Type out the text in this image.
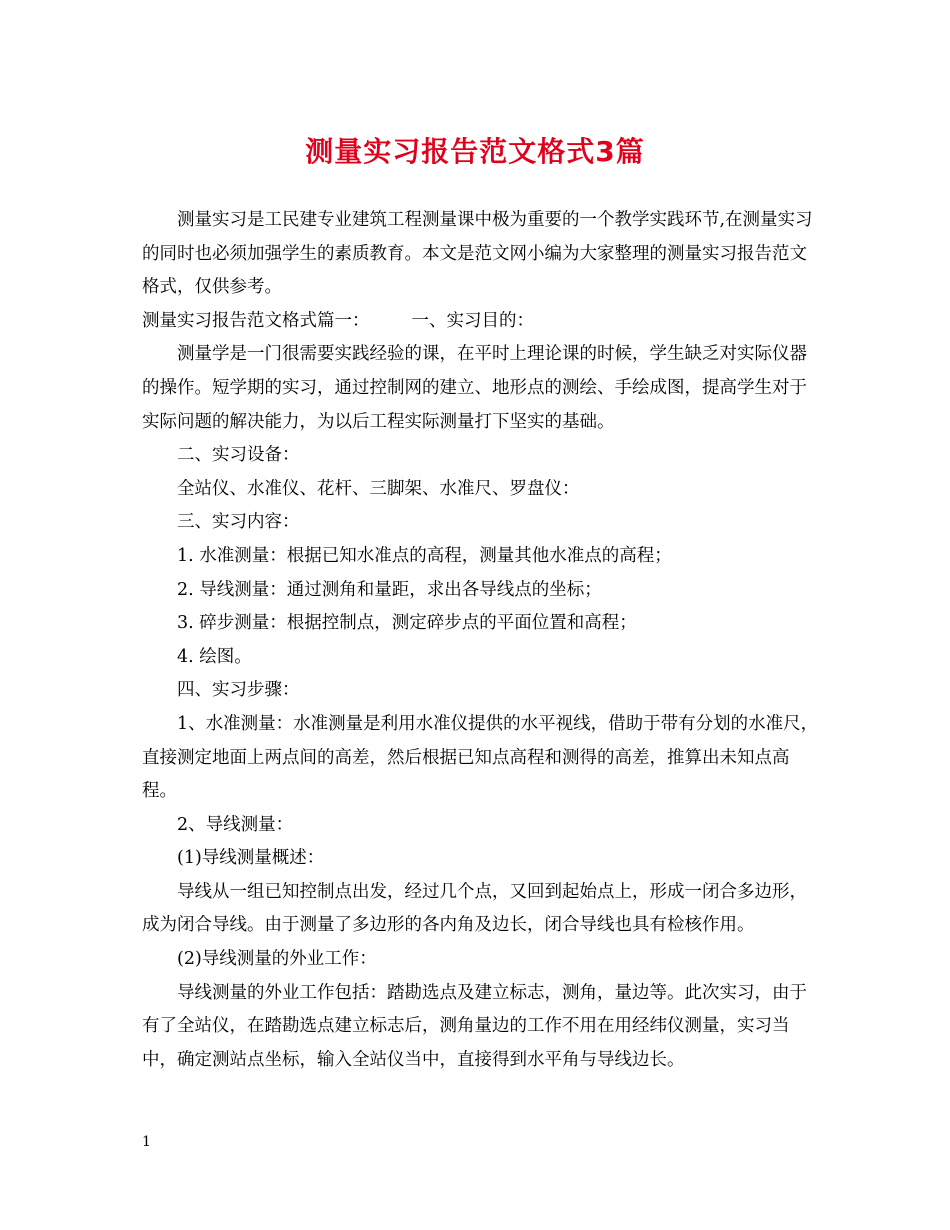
测量实习报告范文格式3篇

测量实习是工民建专业建筑工程测量课中极为重要的一个教学实践环节,在测量实习的同时也必须加强学生的素质教育。本文是范文网小编为大家整理的测量实习报告范文格式，仅供参考。

测量实习报告范文格式篇一： 一、实习目的：

测量学是一门很需要实践经验的课，在平时上理论课的时候，学生缺乏对实际仪器的操作。短学期的实习，通过控制网的建立、地形点的测绘、手绘成图，提高学生对于实际问题的解决能力，为以后工程实际测量打下坚实的基础。

二、实习设备：

全站仪、水准仪、花杆、三脚架、水准尺、罗盘仪：

三、实习内容：

1. 水准测量：根据已知水准点的高程，测量其他水准点的高程；

2. 导线测量：通过测角和量距，求出各导线点的坐标；

3. 碎步测量：根据控制点，测定碎步点的平面位置和高程；

4. 绘图。

四、实习步骤：

1、水准测量：水准测量是利用水准仪提供的水平视线，借助于带有分划的水准尺，直接测定地面上两点间的高差，然后根据已知点高程和测得的高差，推算出未知点高程。

2、导线测量：

(1)导线测量概述：

导线从一组已知控制点出发，经过几个点，又回到起始点上，形成一闭合多边形，成为闭合导线。由于测量了多边形的各内角及边长，闭合导线也具有检核作用。

(2)导线测量的外业工作：

导线测量的外业工作包括：踏勘选点及建立标志，测角，量边等。此次实习，由于有了全站仪，在踏勘选点建立标志后，测角量边的工作不用在用经纬仪测量，实习当中，确定测站点坐标，输入全站仪当中，直接得到水平角与导线边长。

1
